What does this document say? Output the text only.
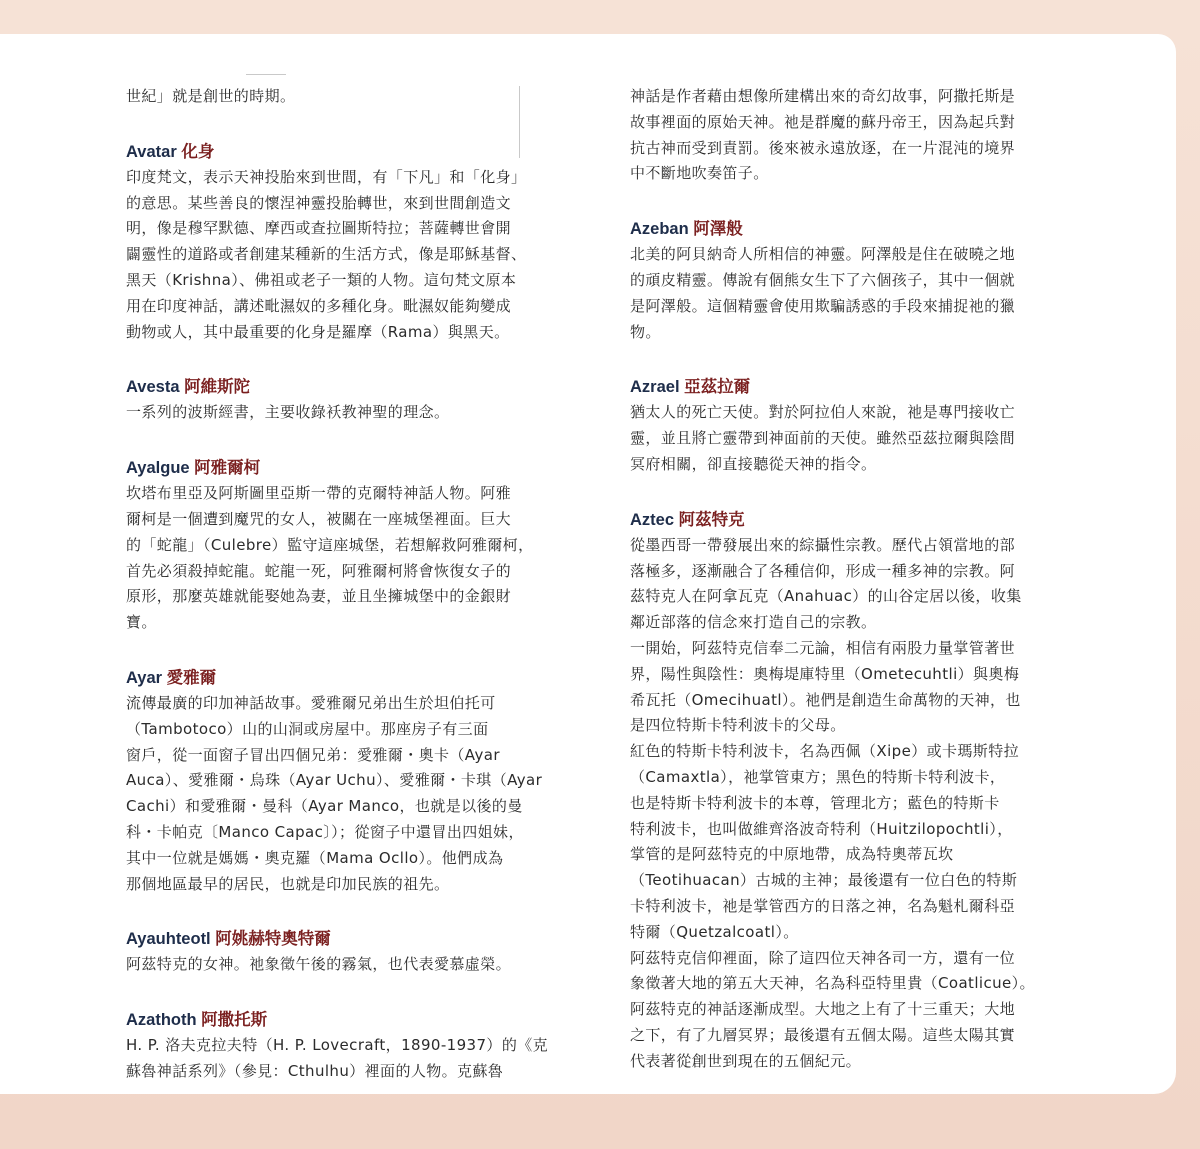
世紀」就是創世的時期。

Avatar 化身

印度梵文，表示天神投胎來到世間，有「下凡」和「化身」

的意思。某些善良的懷涅神靈投胎轉世，來到世間創造文

明，像是穆罕默德、摩西或查拉圖斯特拉；菩薩轉世會開

闢靈性的道路或者創建某種新的生活方式，像是耶穌基督、

黑天（Krishna）、佛祖或老子一類的人物。這句梵文原本

用在印度神話，講述毗濕奴的多種化身。毗濕奴能夠變成

動物或人，其中最重要的化身是羅摩（Rama）與黑天。

Avesta 阿維斯陀

一系列的波斯經書，主要收錄袄教神聖的理念。

Ayalgue 阿雅爾柯

坎塔布里亞及阿斯圖里亞斯一帶的克爾特神話人物。阿雅

爾柯是一個遭到魔咒的女人，被關在一座城堡裡面。巨大

的「蛇龍」（Culebre）監守這座城堡，若想解救阿雅爾柯，

首先必須殺掉蛇龍。蛇龍一死，阿雅爾柯將會恢復女子的

原形，那麼英雄就能娶她為妻，並且坐擁城堡中的金銀財

寶。

Ayar 愛雅爾

流傳最廣的印加神話故事。愛雅爾兄弟出生於坦伯托可

（Tambotoco）山的山洞或房屋中。那座房子有三面

窗戶，從一面窗子冒出四個兄弟：愛雅爾・奧卡（Ayar

Auca）、愛雅爾・烏珠（Ayar Uchu）、愛雅爾・卡琪（Ayar

Cachi）和愛雅爾・曼科（Ayar Manco，也就是以後的曼

科・卡帕克〔Manco Capac〕）；從窗子中還冒出四姐妹，

其中一位就是媽媽・奧克羅（Mama Ocllo）。他們成為

那個地區最早的居民，也就是印加民族的祖先。

Ayauhteotl 阿姚赫特奧特爾

阿茲特克的女神。祂象徵午後的霧氣，也代表愛慕虛榮。

Azathoth 阿撒托斯

H. P. 洛夫克拉夫特（H. P. Lovecraft，1890-1937）的《克

蘇魯神話系列》（參見：Cthulhu）裡面的人物。克蘇魯

神話是作者藉由想像所建構出來的奇幻故事，阿撒托斯是

故事裡面的原始天神。祂是群魔的蘇丹帝王，因為起兵對

抗古神而受到責罰。後來被永遠放逐，在一片混沌的境界

中不斷地吹奏笛子。

Azeban 阿澤般

北美的阿貝納奇人所相信的神靈。阿澤般是住在破曉之地

的頑皮精靈。傳說有個熊女生下了六個孩子，其中一個就

是阿澤般。這個精靈會使用欺騙誘惑的手段來捕捉祂的獵

物。

Azrael 亞茲拉爾

猶太人的死亡天使。對於阿拉伯人來說，祂是專門接收亡

靈，並且將亡靈帶到神面前的天使。雖然亞茲拉爾與陰間

冥府相關，卻直接聽從天神的指令。

Aztec 阿茲特克

從墨西哥一帶發展出來的綜攝性宗教。歷代占領當地的部

落極多，逐漸融合了各種信仰，形成一種多神的宗教。阿

茲特克人在阿拿瓦克（Anahuac）的山谷定居以後，收集

鄰近部落的信念來打造自己的宗教。

一開始，阿茲特克信奉二元論，相信有兩股力量掌管著世

界，陽性與陰性：奧梅堤庫特里（Ometecuhtli）與奧梅

希瓦托（Omecihuatl）。祂們是創造生命萬物的天神，也

是四位特斯卡特利波卡的父母。

紅色的特斯卡特利波卡，名為西佩（Xipe）或卡瑪斯特拉

（Camaxtla），祂掌管東方；黑色的特斯卡特利波卡，

也是特斯卡特利波卡的本尊，管理北方；藍色的特斯卡

特利波卡，也叫做維齊洛波奇特利（Huitzilopochtli），

掌管的是阿茲特克的中原地帶，成為特奧蒂瓦坎

（Teotihuacan）古城的主神；最後還有一位白色的特斯

卡特利波卡，祂是掌管西方的日落之神，名為魁札爾科亞

特爾（Quetzalcoatl）。

阿茲特克信仰裡面，除了這四位天神各司一方，還有一位

象徵著大地的第五大天神，名為科亞特里貴（Coatlicue）。

阿茲特克的神話逐漸成型。大地之上有了十三重天；大地

之下，有了九層冥界；最後還有五個太陽。這些太陽其實

代表著從創世到現在的五個紀元。
